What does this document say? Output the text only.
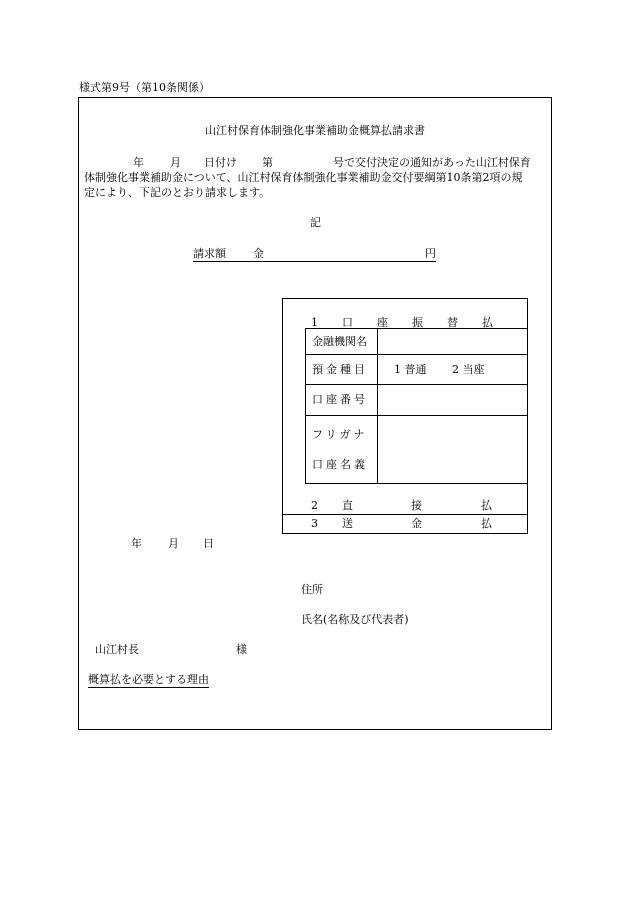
様式第9号（第10条関係）
山江村保育体制強化事業補助金概算払請求書
年 月 日付け 第	号で交付決定の通知があった山江村保育
体制強化事業補助金について、山江村保育体制強化事業補助金交付要綱第10条第2項の規
定により、下記のとおり請求します。
記
請求額 金	円
1 口 座 振 替 払
金融機関名
預金種目 1 普通 2 当座
口座番号
フリガナ
口座名義
2 直	接	払
3 送	金	払
年 月 日
住所
氏名(名称及び代表者)
山江村長	様
概算払を必要とする理由
